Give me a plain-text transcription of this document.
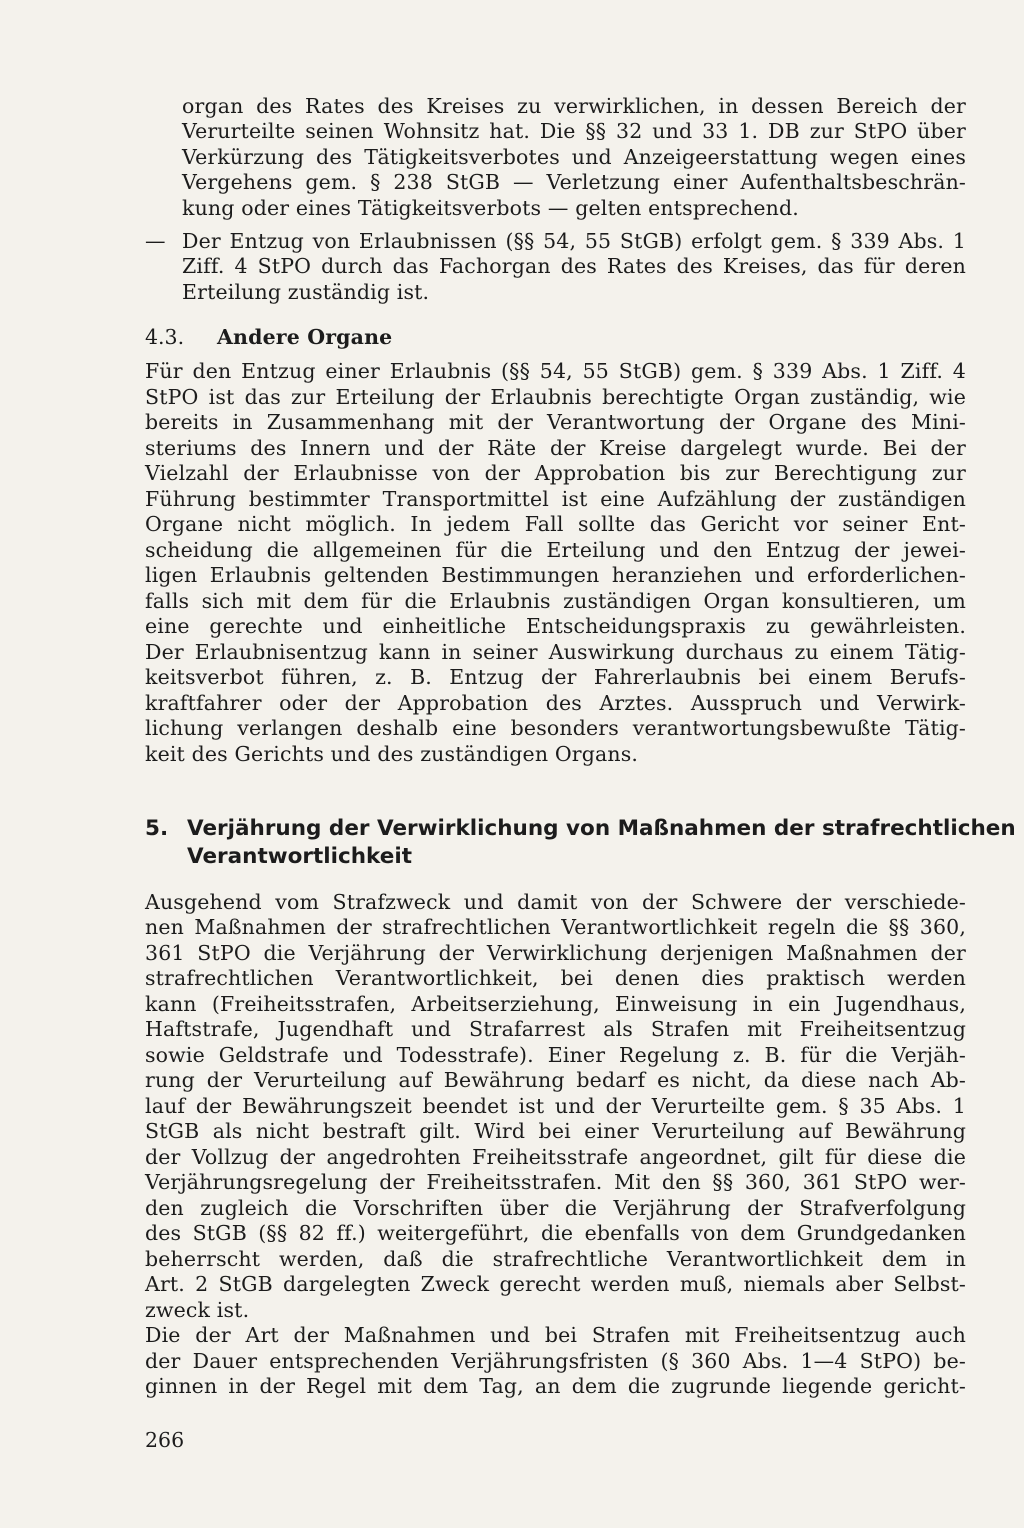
organ des Rates des Kreises zu verwirklichen, in dessen Bereich der
Verurteilte seinen Wohnsitz hat. Die §§ 32 und 33 1. DB zur StPO über
Verkürzung des Tätigkeitsverbotes und Anzeigeerstattung wegen eines
Vergehens gem. § 238 StGB — Verletzung einer Aufenthaltsbeschrän-
kung oder eines Tätigkeitsverbots — gelten entsprechend.
— Der Entzug von Erlaubnissen (§§ 54, 55 StGB) erfolgt gem. § 339 Abs. 1
Ziff. 4 StPO durch das Fachorgan des Rates des Kreises, das für deren
Erteilung zuständig ist.
4.3. Andere Organe
Für den Entzug einer Erlaubnis (§§ 54, 55 StGB) gem. § 339 Abs. 1 Ziff. 4
StPO ist das zur Erteilung der Erlaubnis berechtigte Organ zuständig, wie
bereits in Zusammenhang mit der Verantwortung der Organe des Mini-
steriums des Innern und der Räte der Kreise dargelegt wurde. Bei der
Vielzahl der Erlaubnisse von der Approbation bis zur Berechtigung zur
Führung bestimmter Transportmittel ist eine Aufzählung der zuständigen
Organe nicht möglich. In jedem Fall sollte das Gericht vor seiner Ent-
scheidung die allgemeinen für die Erteilung und den Entzug der jewei-
ligen Erlaubnis geltenden Bestimmungen heranziehen und erforderlichen-
falls sich mit dem für die Erlaubnis zuständigen Organ konsultieren, um
eine gerechte und einheitliche Entscheidungspraxis zu gewährleisten.
Der Erlaubnisentzug kann in seiner Auswirkung durchaus zu einem Tätig-
keitsverbot führen, z. B. Entzug der Fahrerlaubnis bei einem Berufs-
kraftfahrer oder der Approbation des Arztes. Ausspruch und Verwirk-
lichung verlangen deshalb eine besonders verantwortungsbewußte Tätig-
keit des Gerichts und des zuständigen Organs.
5. Verjährung der Verwirklichung von Maßnahmen der strafrechtlichen
Verantwortlichkeit
Ausgehend vom Strafzweck und damit von der Schwere der verschiede-
nen Maßnahmen der strafrechtlichen Verantwortlichkeit regeln die §§ 360,
361 StPO die Verjährung der Verwirklichung derjenigen Maßnahmen der
strafrechtlichen Verantwortlichkeit, bei denen dies praktisch werden
kann (Freiheitsstrafen, Arbeitserziehung, Einweisung in ein Jugendhaus,
Haftstrafe, Jugendhaft und Strafarrest als Strafen mit Freiheitsentzug
sowie Geldstrafe und Todesstrafe). Einer Regelung z. B. für die Verjäh-
rung der Verurteilung auf Bewährung bedarf es nicht, da diese nach Ab-
lauf der Bewährungszeit beendet ist und der Verurteilte gem. § 35 Abs. 1
StGB als nicht bestraft gilt. Wird bei einer Verurteilung auf Bewährung
der Vollzug der angedrohten Freiheitsstrafe angeordnet, gilt für diese die
Verjährungsregelung der Freiheitsstrafen. Mit den §§ 360, 361 StPO wer-
den zugleich die Vorschriften über die Verjährung der Strafverfolgung
des StGB (§§ 82 ff.) weitergeführt, die ebenfalls von dem Grundgedanken
beherrscht werden, daß die strafrechtliche Verantwortlichkeit dem in
Art. 2 StGB dargelegten Zweck gerecht werden muß, niemals aber Selbst-
zweck ist.
Die der Art der Maßnahmen und bei Strafen mit Freiheitsentzug auch
der Dauer entsprechenden Verjährungsfristen (§ 360 Abs. 1—4 StPO) be-
ginnen in der Regel mit dem Tag, an dem die zugrunde liegende gericht-
266
